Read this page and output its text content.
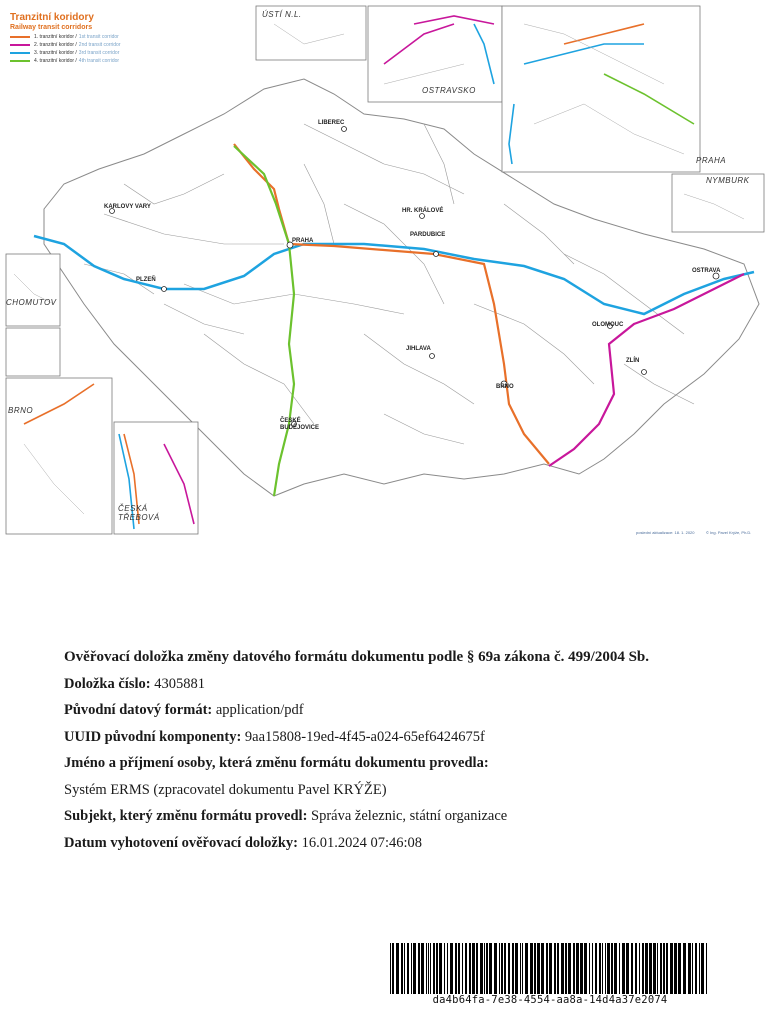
Tranzitní koridory
Railway transit corridors
1. tranzitní koridor / 1st transit corridor
2. tranzitní koridor / 2nd transit corridor
3. tranzitní koridor / 3rd transit corridor
4. tranzitní koridor / 4th transit corridor
ÚSTÍ N.L.
OSTRAVSKO
PRAHA
NYMBURK
CHOMUTOV
BRNO
ČESKÁ TŘEBOVÁ
KARLOVY VARY
PLZEŇ
PRAHA
LIBEREC
HR. KRÁLOVÉ
PARDUBICE
OSTRAVA
OLOMOUC
ZLÍN
JIHLAVA
BRNO
ČESKÉ BUDĚJOVICE
poslední aktualizace: 18. 1. 2020	© Ing. Pavel Krýže, Ph.D.
Ověřovací doložka změny datového formátu dokumentu podle § 69a zákona č. 499/2004 Sb.
Doložka číslo: 4305881
Původní datový formát: application/pdf
UUID původní komponenty: 9aa15808-19ed-4f45-a024-65ef6424675f
Jméno a příjmení osoby, která změnu formátu dokumentu provedla:
Systém ERMS (zpracovatel dokumentu Pavel KRÝŽE)
Subjekt, který změnu formátu provedl: Správa železnic, státní organizace
Datum vyhotovení ověřovací doložky: 16.01.2024 07:46:08
da4b64fa-7e38-4554-aa8a-14d4a37e2074
